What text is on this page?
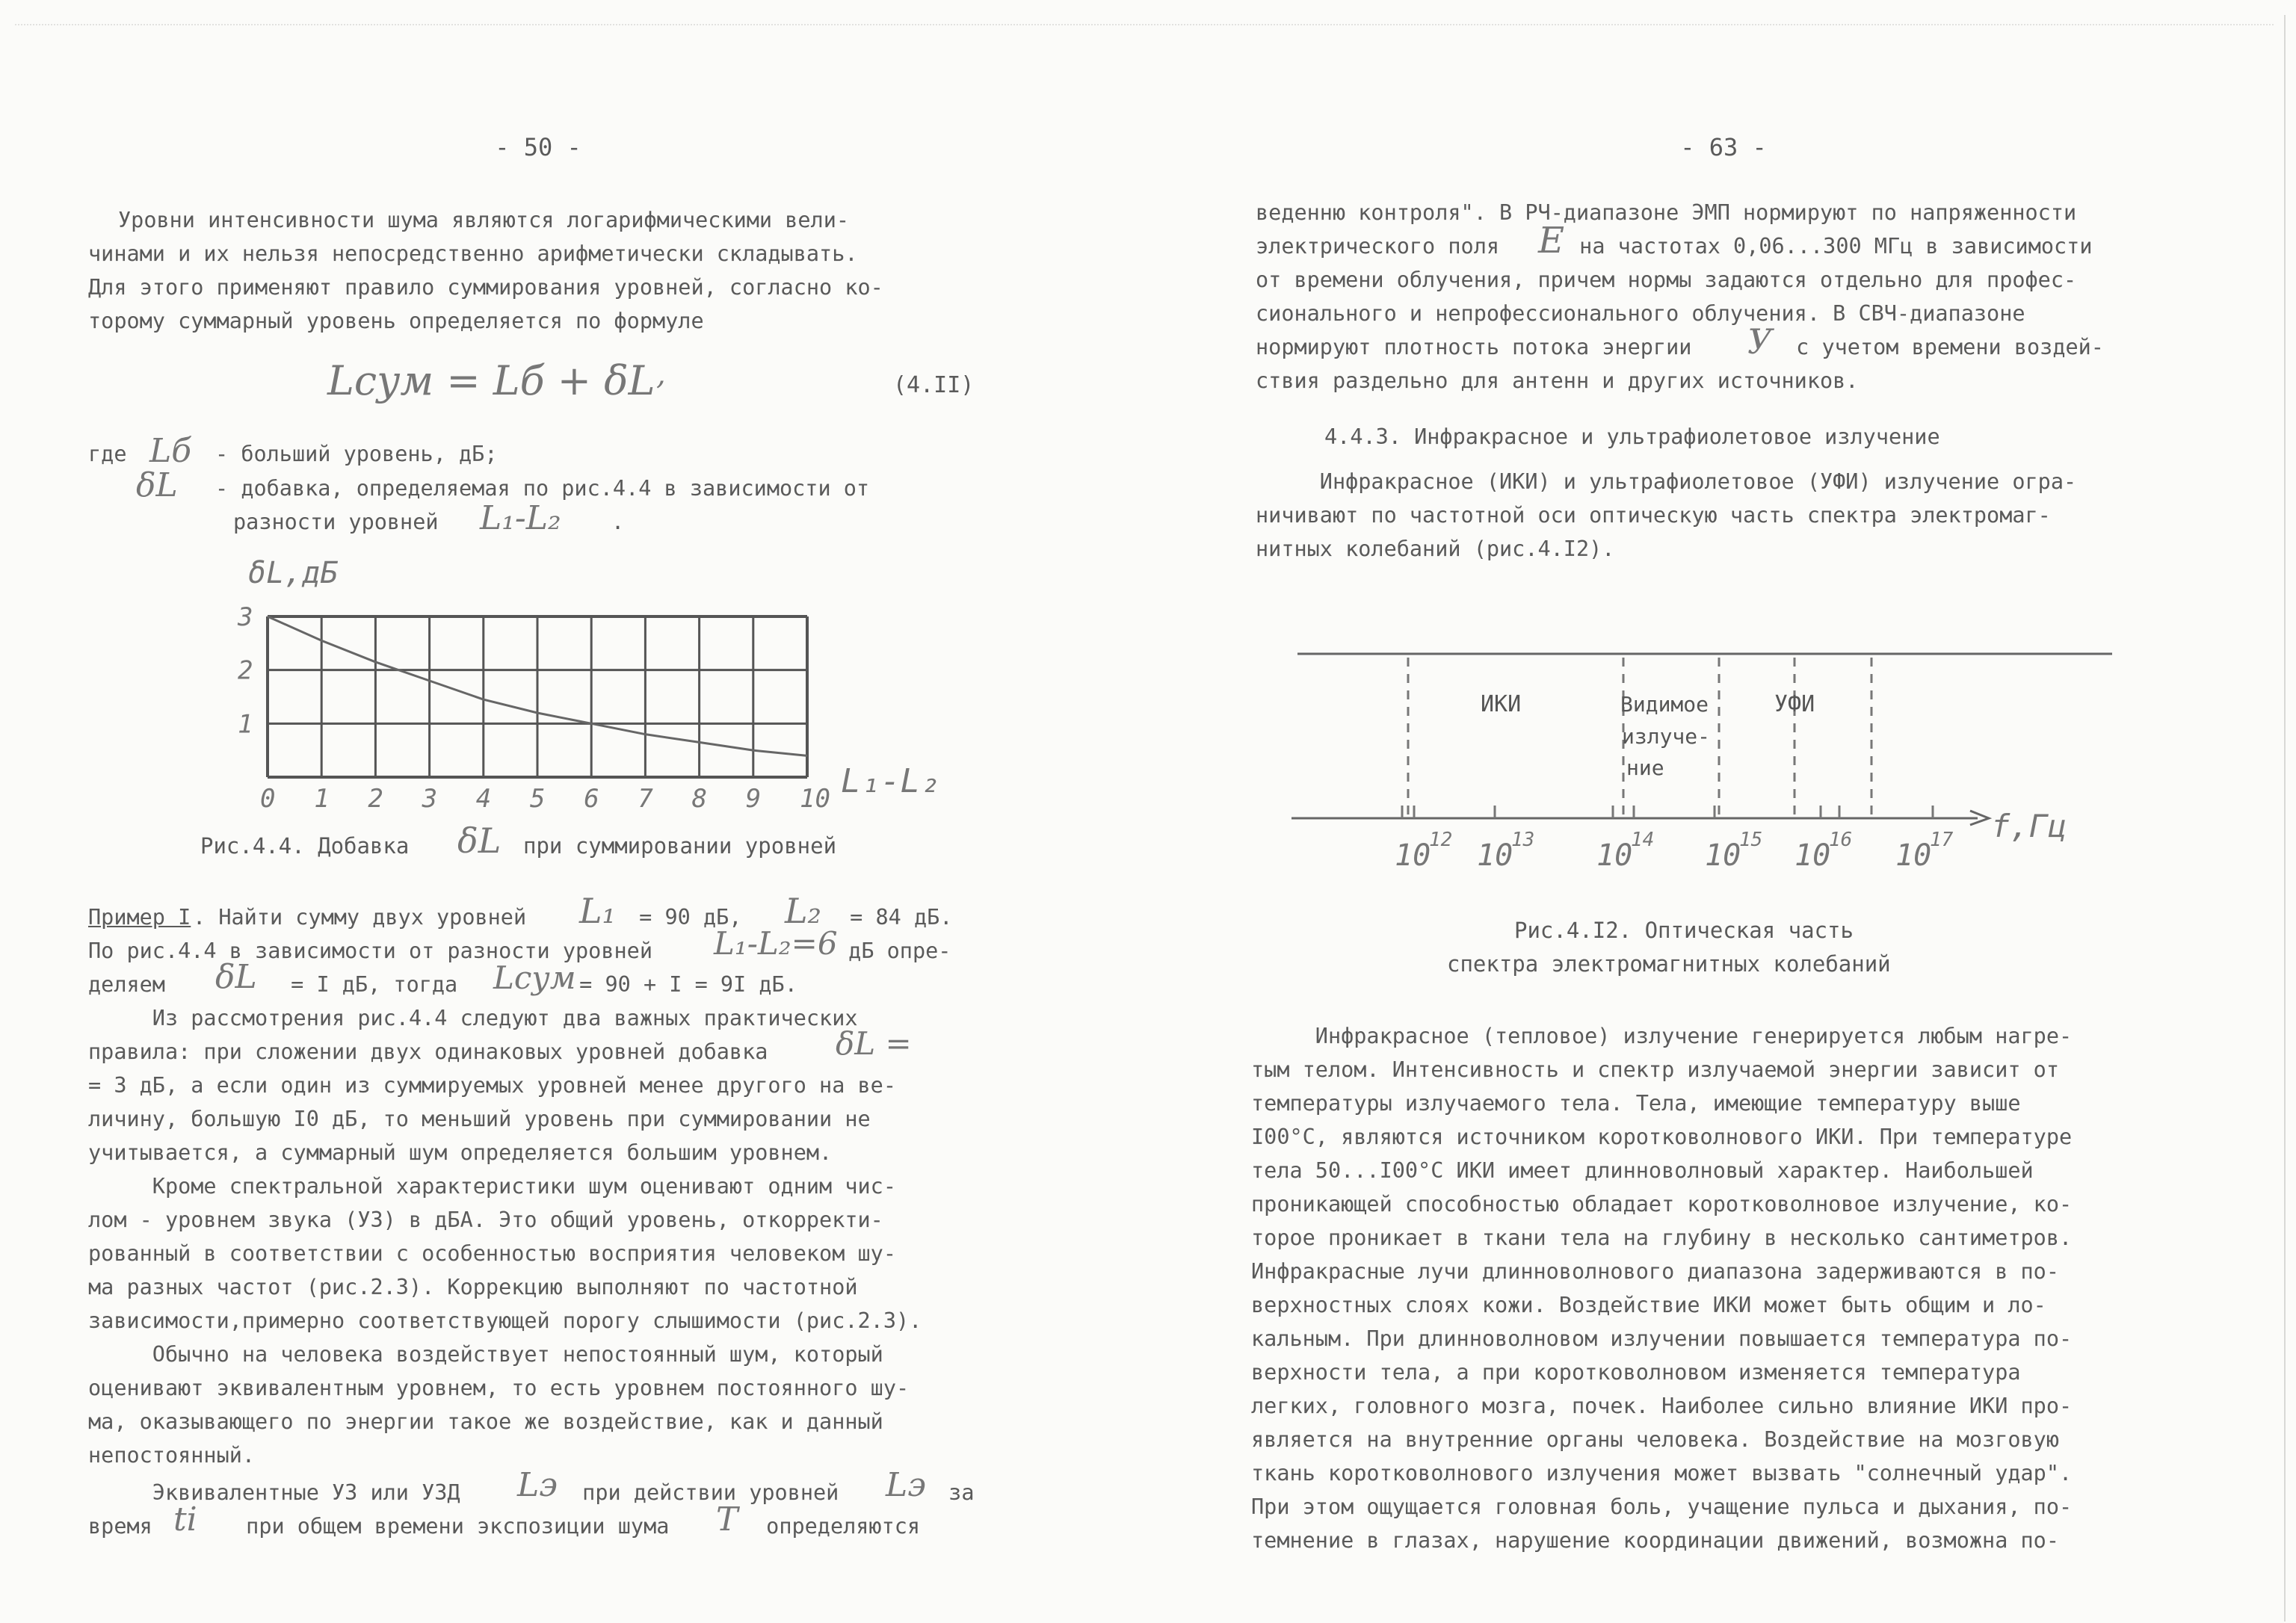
- 50 -
Уровни интенсивности шума являются логарифмическими вели-
чинами и их нельзя непосредственно арифметически складывать.
Для этого применяют правило суммирования уровней, согласно ко-
торому суммарный уровень определяется по формуле
Lсум = Lб + δL ,	(4.II)
где Lб - больший уровень, дБ;
δL - добавка, определяемая по рис.4.4 в зависимости от
разности уровней L₁-L₂ .
0 1 2 3 4 5 6 7 8 9 10
1
2
3
δL,дБ
L₁-L₂
Рис.4.4. Добавка δL при суммировании уровней
Пример I . Найти сумму двух уровней L₁ = 90 дБ, L₂ = 84 дБ.
По рис.4.4 в зависимости от разности уровней L₁-L₂=6
дБ опре-
деляем δL = I дБ, тогда Lсум
= 90 + I = 9I дБ.
Из рассмотрения рис.4.4 следуют два важных практических
правила: при сложении двух одинаковых уровней добавка δL =
= 3 дБ, а если один из суммируемых уровней менее другого на ве-
личину, большую I0 дБ, то меньший уровень при суммировании не
учитывается, а суммарный шум определяется большим уровнем.
Кроме спектральной характеристики шум оценивают одним чис-
лом - уровнем звука (УЗ) в дБА. Это общий уровень, откорректи-
рованный в соответствии с особенностью восприятия человеком шу-
ма разных частот (рис.2.3). Коррекцию выполняют по частотной
зависимости,примерно соответствующей порогу слышимости (рис.2.3).
Обычно на человека воздействует непостоянный шум, который
оценивают эквивалентным уровнем, то есть уровнем постоянного шу-
ма, оказывающего по энергии такое же воздействие, как и данный
непостоянный.
Эквивалентные УЗ или УЗД Lэ при действии уровней Lэ за
время ti при общем времени экспозиции шума T определяются
- 63 -
веденню контроля". В РЧ-диапазоне ЭМП нормируют по напряженности
электрического поля E на частотах 0,06...300 МГц в зависимости
от времени облучения, причем нормы задаются отдельно для профес-
сионального и непрофессионального облучения. В СВЧ-диапазоне
нормируют плотность потока энергии У с учетом времени воздей-
ствия раздельно для антенн и других источников.
4.4.3. Инфракрасное и ультрафиолетовое излучение
Инфракрасное (ИКИ) и ультрафиолетовое (УФИ) излучение огра-
ничивают по частотной оси оптическую часть спектра электромаг-
нитных колебаний (рис.4.I2).
ИКИ	Видимое
излуче-
ние
УФИ
f,Гц
10
12 10
13 10
14 10
15 10
16 10
17
Рис.4.I2. Оптическая часть
спектра электромагнитных колебаний
Инфракрасное (тепловое) излучение генерируется любым нагре-
тым телом. Интенсивность и спектр излучаемой энергии зависит от
температуры излучаемого тела. Тела, имеющие температуру выше
I00°С, являются источником коротковолнового ИКИ. При температуре
тела 50...I00°С ИКИ имеет длинноволновый характер. Наибольшей
проникающей способностью обладает коротковолновое излучение, ко-
торое проникает в ткани тела на глубину в несколько сантиметров.
Инфракрасные лучи длинноволнового диапазона задерживаются в по-
верхностных слоях кожи. Воздействие ИКИ может быть общим и ло-
кальным. При длинноволновом излучении повышается температура по-
верхности тела, а при коротковолновом изменяется температура
легких, головного мозга, почек. Наиболее сильно влияние ИКИ про-
является на внутренние органы человека. Воздействие на мозговую
ткань коротковолнового излучения может вызвать "солнечный удар".
При этом ощущается головная боль, учащение пульса и дыхания, по-
темнение в глазах, нарушение координации движений, возможна по-
